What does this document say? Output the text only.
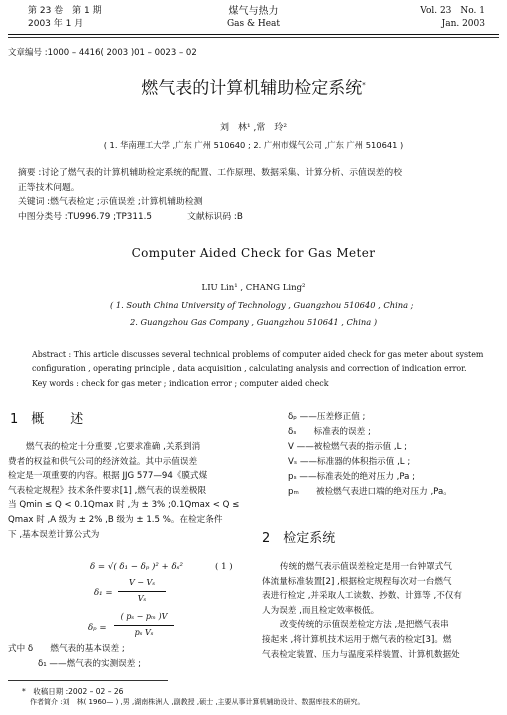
第 23 卷　第 1 期
2003 年 1 月
煤气与热力
Gas & Heat
Vol. 23　No. 1
Jan. 2003
文章编号 :1000 – 4416( 2003 )01 – 0023 – 02
燃气表的计算机辅助检定系统*
刘　林¹ ,常　玲²
( 1. 华南理工大学 ,广东 广州 510640 ; 2. 广州市煤气公司 ,广东 广州 510641 )
摘要 :讨论了燃气表的计算机辅助检定系统的配置、工作原理、数据采集、计算分析、示值误差的校
正等技术问题。
关键词 :燃气表检定 ;示值误差 ;计算机辅助检测
中图分类号 :TU996.79 ;TP311.5　　　　文献标识码 :B
Computer Aided Check for Gas Meter
LIU Lin¹ , CHANG Ling²
( 1. South China University of Technology , Guangzhou 510640 , China ;
2. Guangzhou Gas Company , Guangzhou 510641 , China )
Abstract : This article discusses several technical problems of computer aided check for gas meter about system
configuration , operating principle , data acquisition , calculating analysis and correction of indication error.
Key words : check for gas meter ; indication error ; computer aided check
1　概　　述
燃气表的检定十分重要 ,它要求准确 ,关系到消
费者的权益和供气公司的经济效益。其中示值误差
检定是一项重要的内容。根据 JJG 577—94《膜式煤
气表检定规程》技术条件要求[1] ,燃气表的误差极限
当 Qmin ≤ Q < 0.1Qmax 时 ,为 ± 3% ;0.1Qmax < Q ≤
Qmax 时 ,A 级为 ± 2% ,B 级为 ± 1.5 %。在检定条件
下 ,基本误差计算公式为
δ = √( δ₁ − δₚ )² + δₛ²	( 1 )
δ₁ =
V − Vₛ
Vₛ
δₚ =
( pₛ − pₘ )V
pₛ Vₛ
式中 δ　　燃气表的基本误差 ;
δ₁ ——燃气表的实测误差 ;
δₚ ——压差修正值 ;
δₛ　　标准表的误差 ;
V ——被检燃气表的指示值 ,L ;
Vₛ ——标准器的体积指示值 ,L ;
pₛ ——标准表处的绝对压力 ,Pa ;
pₘ　　被检燃气表进口端的绝对压力 ,Pa。
2　检定系统
传统的燃气表示值误差检定是用一台钟罩式气
体流量标准装置[2] ,根据检定规程每次对一台燃气
表进行检定 ,并采取人工读数、抄数、计算等 ,不仅有
人为误差 ,而且检定效率极低。
改变传统的示值误差检定方法 ,是把燃气表串
接起来 ,将计算机技术运用于燃气表的检定[3]。燃
气表检定装置、压力与温度采样装置、计算机数据处
*　收稿日期 :2002 – 02 – 26
作者简介 :刘　林( 1960— ) ,男 ,湖南株洲人 ,副教授 ,硕士 ,主要从事计算机辅助设计、数据库技术的研究。
